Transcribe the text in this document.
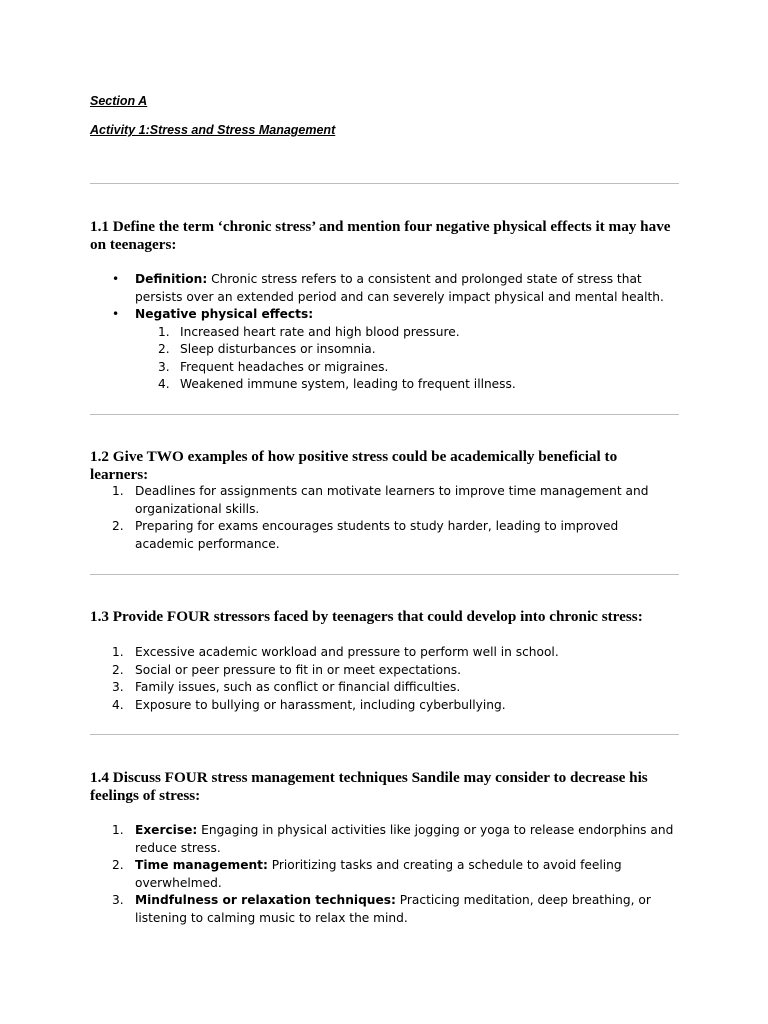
Section A
Activity 1:Stress and Stress Management
1.1 Define the term ‘chronic stress’ and mention four negative physical effects it may have on teenagers:
• Definition: Chronic stress refers to a consistent and prolonged state of stress that persists over an extended period and can severely impact physical and mental health.
• Negative physical effects:
1. Increased heart rate and high blood pressure.
2. Sleep disturbances or insomnia.
3. Frequent headaches or migraines.
4. Weakened immune system, leading to frequent illness.
1.2 Give TWO examples of how positive stress could be academically beneficial to learners:
1. Deadlines for assignments can motivate learners to improve time management and organizational skills.
2. Preparing for exams encourages students to study harder, leading to improved academic performance.
1.3 Provide FOUR stressors faced by teenagers that could develop into chronic stress:
1. Excessive academic workload and pressure to perform well in school.
2. Social or peer pressure to fit in or meet expectations.
3. Family issues, such as conflict or financial difficulties.
4. Exposure to bullying or harassment, including cyberbullying.
1.4 Discuss FOUR stress management techniques Sandile may consider to decrease his feelings of stress:
1. Exercise: Engaging in physical activities like jogging or yoga to release endorphins and reduce stress.
2. Time management: Prioritizing tasks and creating a schedule to avoid feeling overwhelmed.
3. Mindfulness or relaxation techniques: Practicing meditation, deep breathing, or listening to calming music to relax the mind.
